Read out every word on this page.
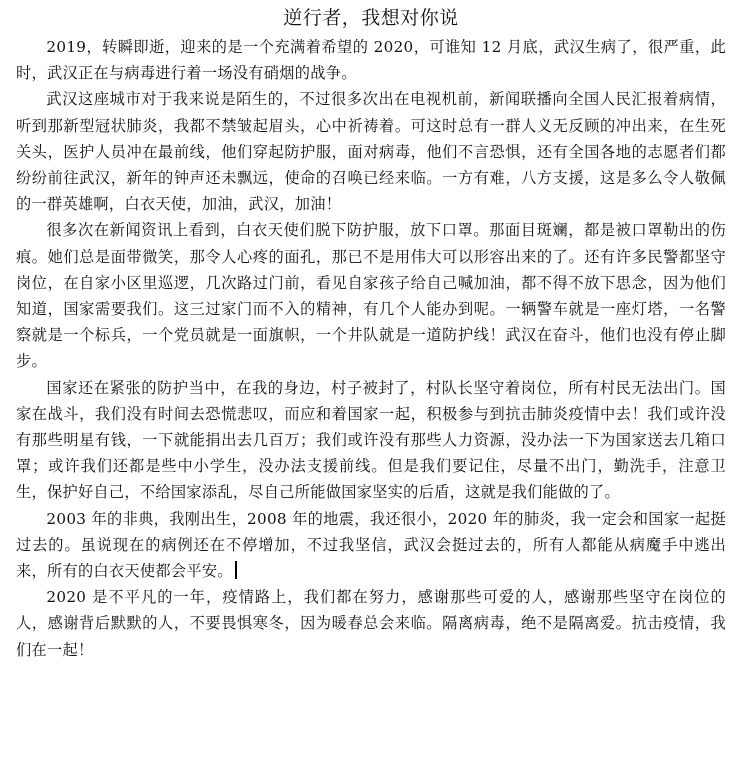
逆行者，我想对你说

2019，转瞬即逝，迎来的是一个充满着希望的 2020，可谁知 12 月底，武汉生病了，很严重，此时，武汉正在与病毒进行着一场没有硝烟的战争。

武汉这座城市对于我来说是陌生的，不过很多次出在电视机前，新闻联播向全国人民汇报着病情，听到那新型冠状肺炎，我都不禁皱起眉头，心中祈祷着。可这时总有一群人义无反顾的冲出来，在生死关头，医护人员冲在最前线，他们穿起防护服，面对病毒，他们不言恐惧，还有全国各地的志愿者们都纷纷前往武汉，新年的钟声还未飘远，使命的召唤已经来临。一方有难，八方支援，这是多么令人敬佩的一群英雄啊，白衣天使，加油，武汉，加油！

很多次在新闻资讯上看到，白衣天使们脱下防护服，放下口罩。那面目斑斓，都是被口罩勒出的伤痕。她们总是面带微笑，那令人心疼的面孔，那已不是用伟大可以形容出来的了。还有许多民警都坚守岗位，在自家小区里巡逻，几次路过门前，看见自家孩子给自己喊加油，都不得不放下思念，因为他们知道，国家需要我们。这三过家门而不入的精神，有几个人能办到呢。一辆警车就是一座灯塔，一名警察就是一个标兵，一个党员就是一面旗帜，一个井队就是一道防护线！武汉在奋斗，他们也没有停止脚步。

国家还在紧张的防护当中，在我的身边，村子被封了，村队长坚守着岗位，所有村民无法出门。国家在战斗，我们没有时间去恐慌悲叹，而应和着国家一起，积极参与到抗击肺炎疫情中去！我们或许没有那些明星有钱，一下就能捐出去几百万；我们或许没有那些人力资源，没办法一下为国家送去几箱口罩；或许我们还都是些中小学生，没办法支援前线。但是我们要记住，尽量不出门，勤洗手，注意卫生，保护好自己，不给国家添乱，尽自己所能做国家坚实的后盾，这就是我们能做的了。

2003 年的非典，我刚出生，2008 年的地震，我还很小，2020 年的肺炎，我一定会和国家一起挺过去的。虽说现在的病例还在不停增加，不过我坚信，武汉会挺过去的，所有人都能从病魔手中逃出来，所有的白衣天使都会平安。

2020 是不平凡的一年，疫情路上，我们都在努力，感谢那些可爱的人，感谢那些坚守在岗位的人，感谢背后默默的人，不要畏惧寒冬，因为暖春总会来临。隔离病毒，绝不是隔离爱。抗击疫情，我们在一起！
